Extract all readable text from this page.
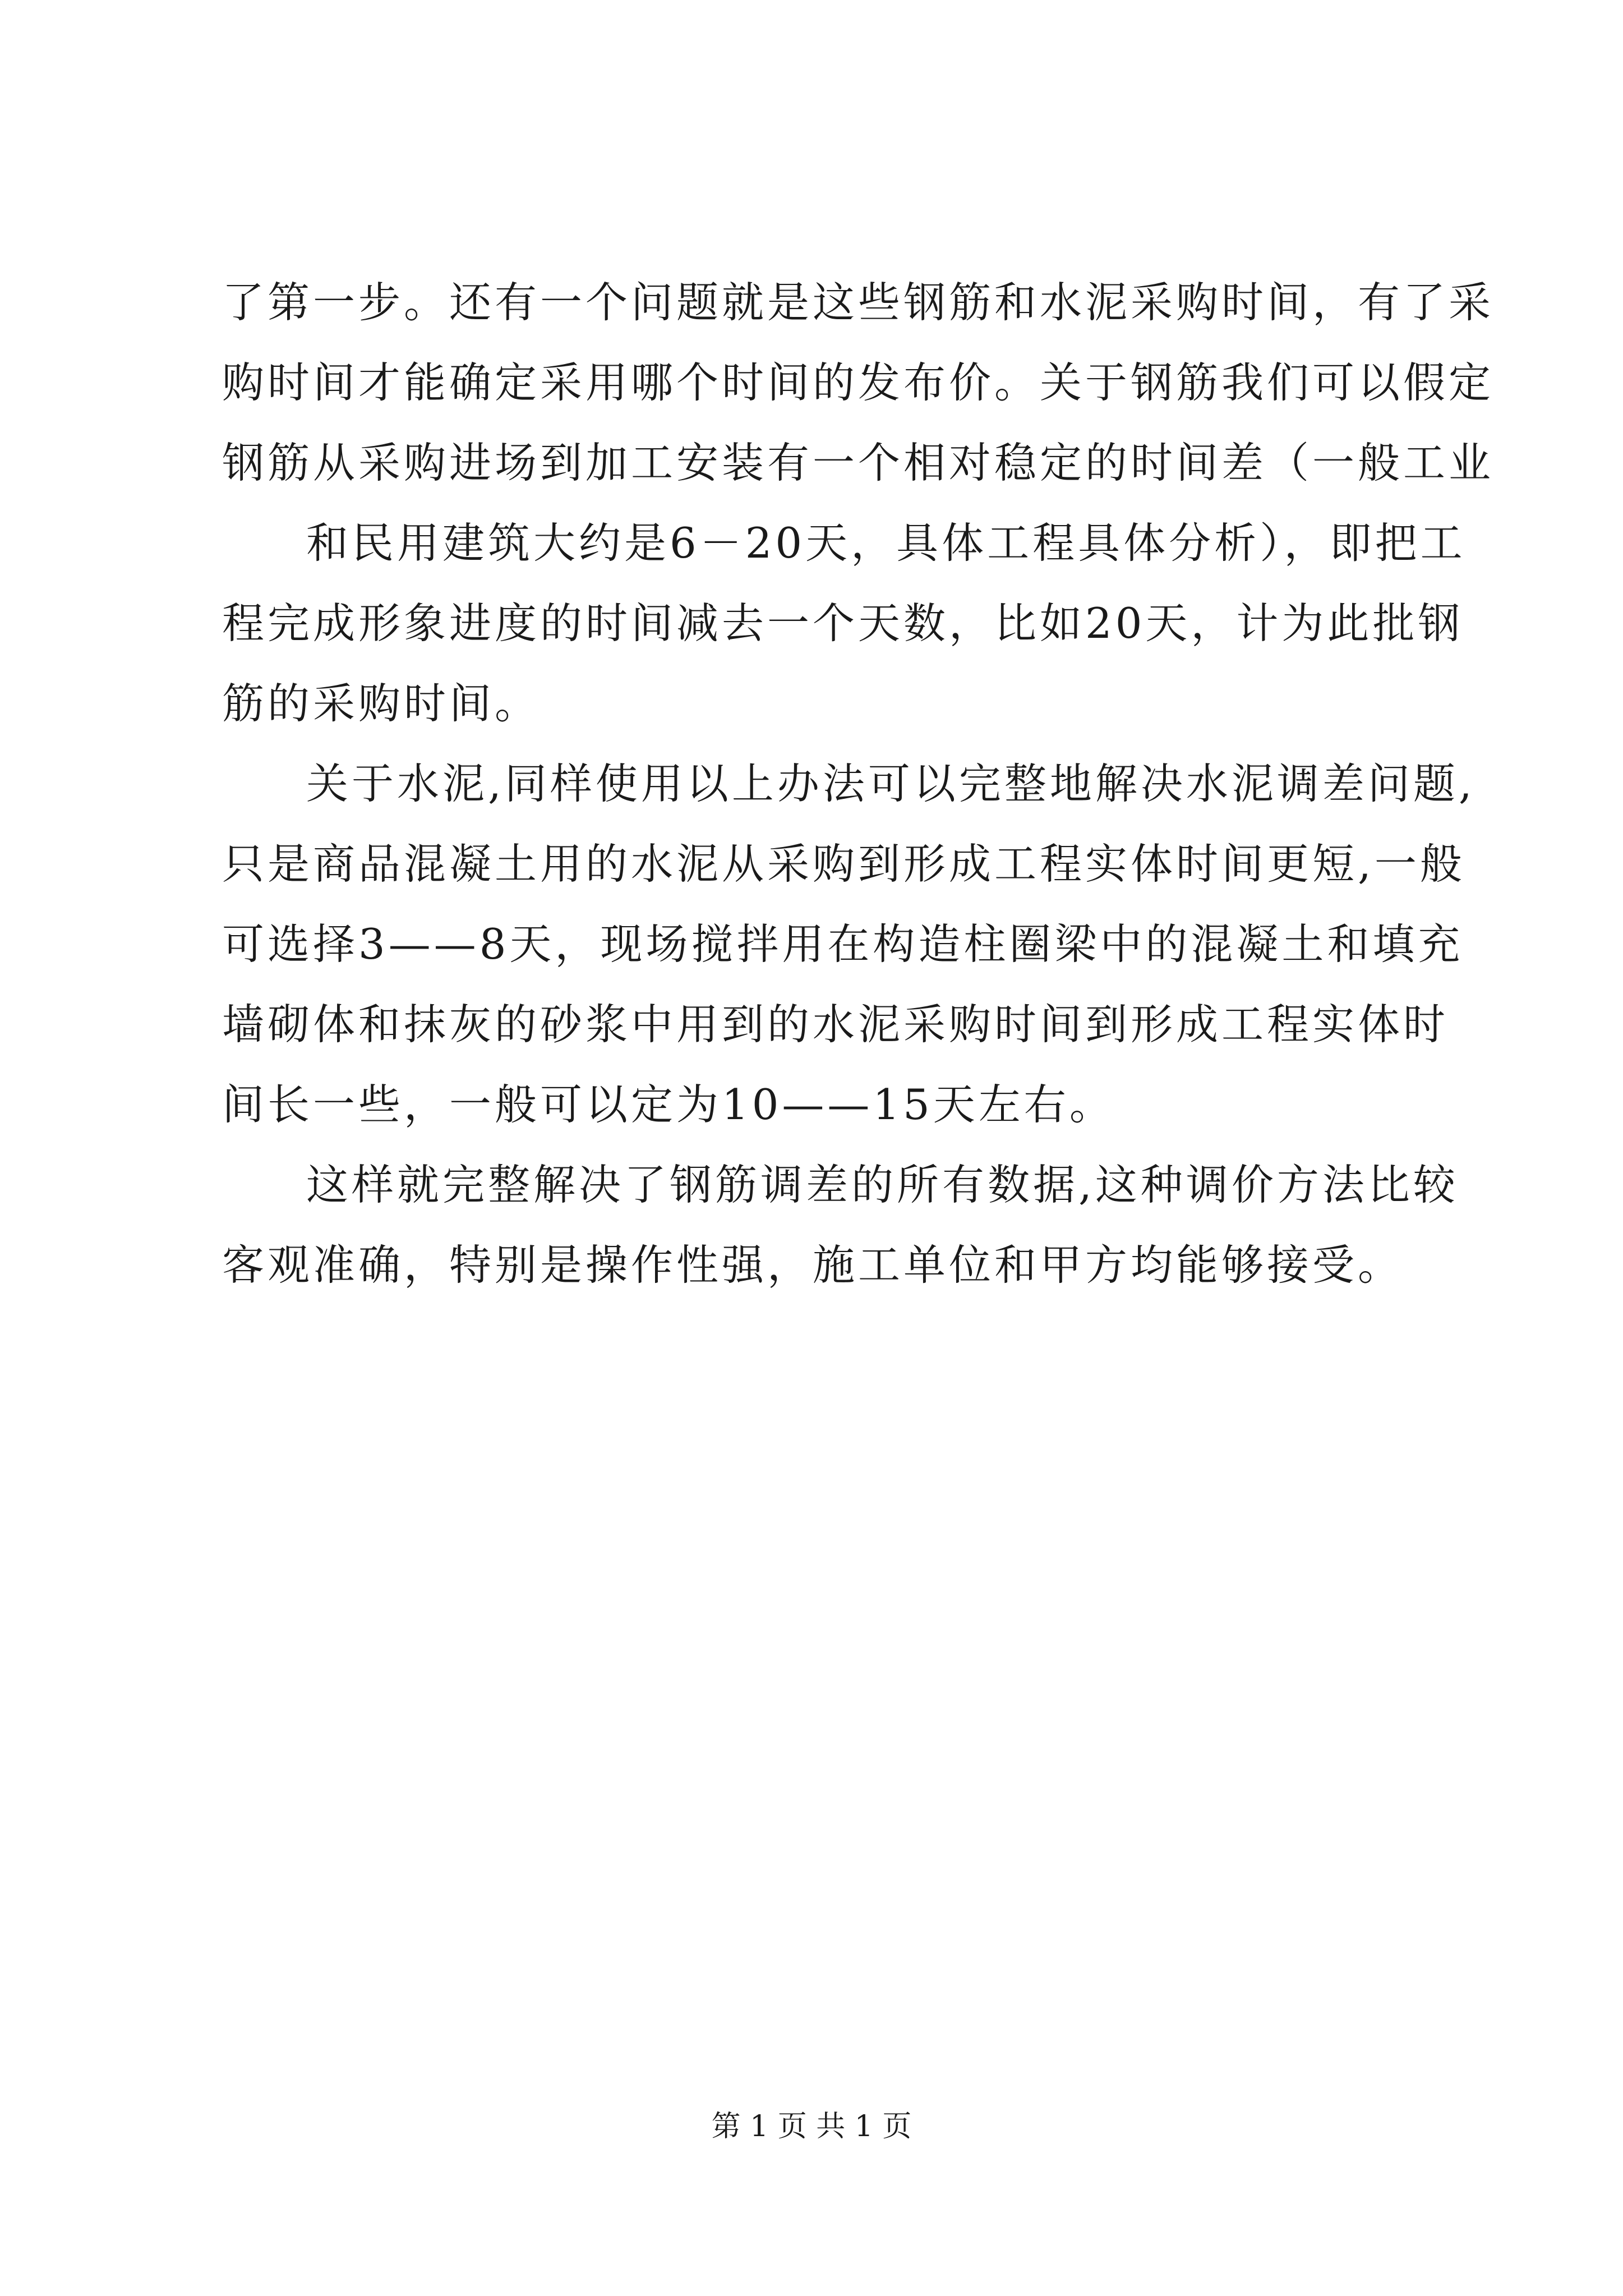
了第一步。还有一个问题就是这些钢筋和水泥采购时间，有了采
购时间才能确定采用哪个时间的发布价。关于钢筋我们可以假定
钢筋从采购进场到加工安装有一个相对稳定的时间差（一般工业
和民用建筑大约是6－20天，具体工程具体分析），即把工
程完成形象进度的时间减去一个天数，比如20天，计为此批钢
筋的采购时间。
关于水泥,同样使用以上办法可以完整地解决水泥调差问题,
只是商品混凝土用的水泥从采购到形成工程实体时间更短,一般
可选择3——8天，现场搅拌用在构造柱圈梁中的混凝土和填充
墙砌体和抹灰的砂浆中用到的水泥采购时间到形成工程实体时
间长一些，一般可以定为10——15天左右。
这样就完整解决了钢筋调差的所有数据,这种调价方法比较
客观准确，特别是操作性强，施工单位和甲方均能够接受。
第 1 页 共 1 页
